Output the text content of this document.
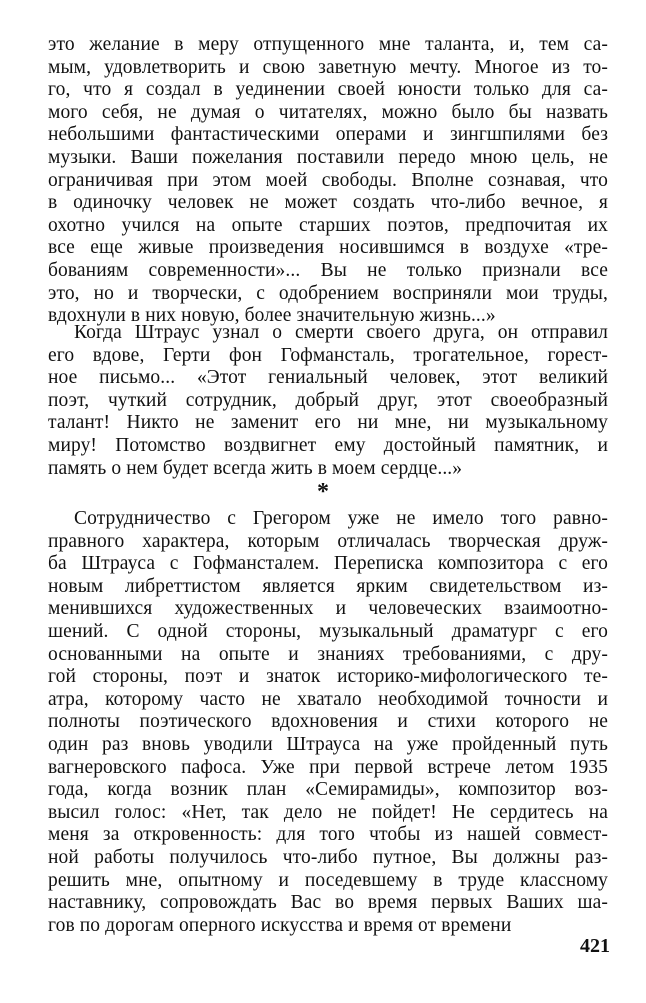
это желание в меру отпущенного мне таланта, и, тем са-
мым, удовлетворить и свою заветную мечту. Многое из то-
го, что я создал в уединении своей юности только для са-
мого себя, не думая о читателях, можно было бы назвать
небольшими фантастическими операми и зингшпилями без
музыки. Ваши пожелания поставили передо мною цель, не
ограничивая при этом моей свободы. Вполне сознавая, что
в одиночку человек не может создать что-либо вечное, я
охотно учился на опыте старших поэтов, предпочитая их
все еще живые произведения носившимся в воздухе «тре-
бованиям современности»... Вы не только признали все
это, но и творчески, с одобрением восприняли мои труды,
вдохнули в них новую, более значительную жизнь...»
*
Когда Штраус узнал о смерти своего друга, он отправил
его вдове, Герти фон Гофмансталь, трогательное, горест-
ное письмо... «Этот гениальный человек, этот великий
поэт, чуткий сотрудник, добрый друг, этот своеобразный
талант! Никто не заменит его ни мне, ни музыкальному
миру! Потомство воздвигнет ему достойный памятник, и
память о нем будет всегда жить в моем сердце...»
Сотрудничество с Грегором уже не имело того равно-
правного характера, которым отличалась творческая друж-
ба Штрауса с Гофмансталем. Переписка композитора с его
новым либреттистом является ярким свидетельством из-
менившихся художественных и человеческих взаимоотно-
шений. С одной стороны, музыкальный драматург с его
основанными на опыте и знаниях требованиями, с дру-
гой стороны, поэт и знаток историко-мифологического те-
атра, которому часто не хватало необходимой точности и
полноты поэтического вдохновения и стихи которого не
один раз вновь уводили Штрауса на уже пройденный путь
вагнеровского пафоса. Уже при первой встрече летом 1935
года, когда возник план «Семирамиды», композитор воз-
высил голос: «Нет, так дело не пойдет! Не сердитесь на
меня за откровенность: для того чтобы из нашей совмест-
ной работы получилось что-либо путное, Вы должны раз-
решить мне, опытному и поседевшему в труде классному
наставнику, сопровождать Вас во время первых Ваших ша-
гов по дорогам оперного искусства и время от времени
421
